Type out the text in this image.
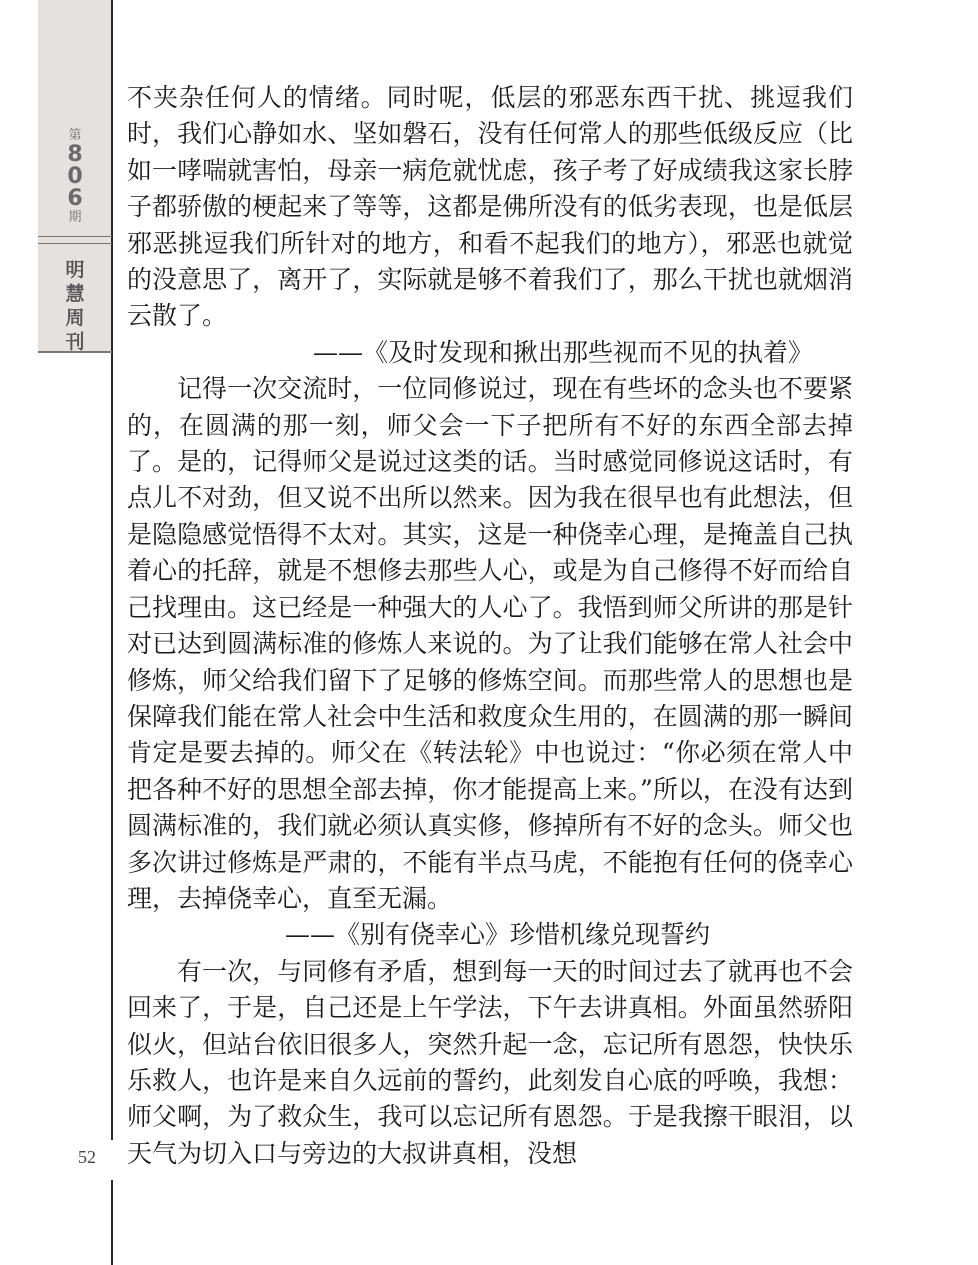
第
8
0
6
期
明
慧
周
刊
52

不夹杂任何人的情绪。同时呢，低层的邪恶东西干扰、挑逗我们时，我们心静如水、坚如磐石，没有任何常人的那些低级反应（比如一哮喘就害怕，母亲一病危就忧虑，孩子考了好成绩我这家长脖子都骄傲的梗起来了等等，这都是佛所没有的低劣表现，也是低层邪恶挑逗我们所针对的地方，和看不起我们的地方），邪恶也就觉的没意思了，离开了，实际就是够不着我们了，那么干扰也就烟消云散了。

——《及时发现和揪出那些视而不见的执着》

记得一次交流时，一位同修说过，现在有些坏的念头也不要紧的，在圆满的那一刻，师父会一下子把所有不好的东西全部去掉了。是的，记得师父是说过这类的话。当时感觉同修说这话时，有点儿不对劲，但又说不出所以然来。因为我在很早也有此想法，但是隐隐感觉悟得不太对。其实，这是一种侥幸心理，是掩盖自己执着心的托辞，就是不想修去那些人心，或是为自己修得不好而给自己找理由。这已经是一种强大的人心了。我悟到师父所讲的那是针对已达到圆满标准的修炼人来说的。为了让我们能够在常人社会中修炼，师父给我们留下了足够的修炼空间。而那些常人的思想也是保障我们能在常人社会中生活和救度众生用的，在圆满的那一瞬间肯定是要去掉的。师父在《转法轮》中也说过：“你必须在常人中把各种不好的思想全部去掉，你才能提高上来。”所以，在没有达到圆满标准的，我们就必须认真实修，修掉所有不好的念头。师父也多次讲过修炼是严肃的，不能有半点马虎，不能抱有任何的侥幸心理，去掉侥幸心，直至无漏。

——《别有侥幸心》珍惜机缘兑现誓约

有一次，与同修有矛盾，想到每一天的时间过去了就再也不会回来了，于是，自己还是上午学法，下午去讲真相。外面虽然骄阳似火，但站台依旧很多人，突然升起一念，忘记所有恩怨，快快乐乐救人，也许是来自久远前的誓约，此刻发自心底的呼唤，我想：师父啊，为了救众生，我可以忘记所有恩怨。于是我擦干眼泪，以天气为切入口与旁边的大叔讲真相，没想
